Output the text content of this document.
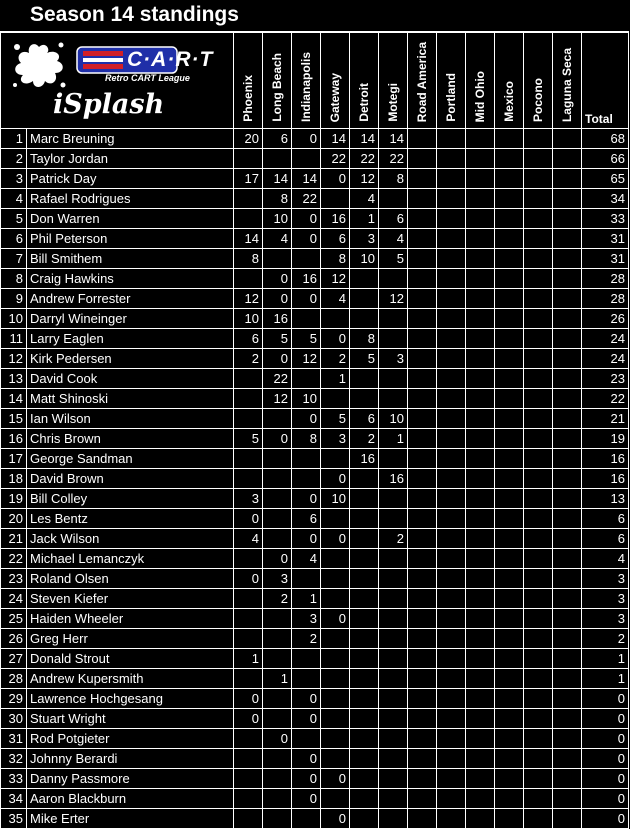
Season 14 standings
C·A·R·T
Retro CART League
iSplash		Phoenix	Long Beach	Indianapolis	Gateway	Detroit	Motegi	Road America	Portland	Mid Ohio	Mexico	Pocono	Laguna Seca	Total
1	Marc Breuning	20	6	0	14	14	14							68
2	Taylor Jordan				22	22	22							66
3	Patrick Day	17	14	14	0	12	8							65
4	Rafael Rodrigues		8	22		4								34
5	Don Warren		10	0	16	1	6							33
6	Phil Peterson	14	4	0	6	3	4							31
7	Bill Smithem	8			8	10	5							31
8	Craig Hawkins		0	16	12									28
9	Andrew Forrester	12	0	0	4		12							28
10	Darryl Wineinger	10	16											26
11	Larry Eaglen	6	5	5	0	8								24
12	Kirk Pedersen	2	0	12	2	5	3							24
13	David Cook		22		1									23
14	Matt Shinoski		12	10										22
15	Ian Wilson			0	5	6	10							21
16	Chris Brown	5	0	8	3	2	1							19
17	George Sandman					16								16
18	David Brown				0		16							16
19	Bill Colley	3		0	10									13
20	Les Bentz	0		6										6
21	Jack Wilson	4		0	0		2							6
22	Michael Lemanczyk		0	4										4
23	Roland Olsen	0	3											3
24	Steven Kiefer		2	1										3
25	Haiden Wheeler			3	0									3
26	Greg Herr			2										2
27	Donald Strout	1												1
28	Andrew Kupersmith		1											1
29	Lawrence Hochgesang	0		0										0
30	Stuart Wright	0		0										0
31	Rod Potgieter		0											0
32	Johnny Berardi			0										0
33	Danny Passmore			0	0									0
34	Aaron Blackburn			0										0
35	Mike Erter				0									0
